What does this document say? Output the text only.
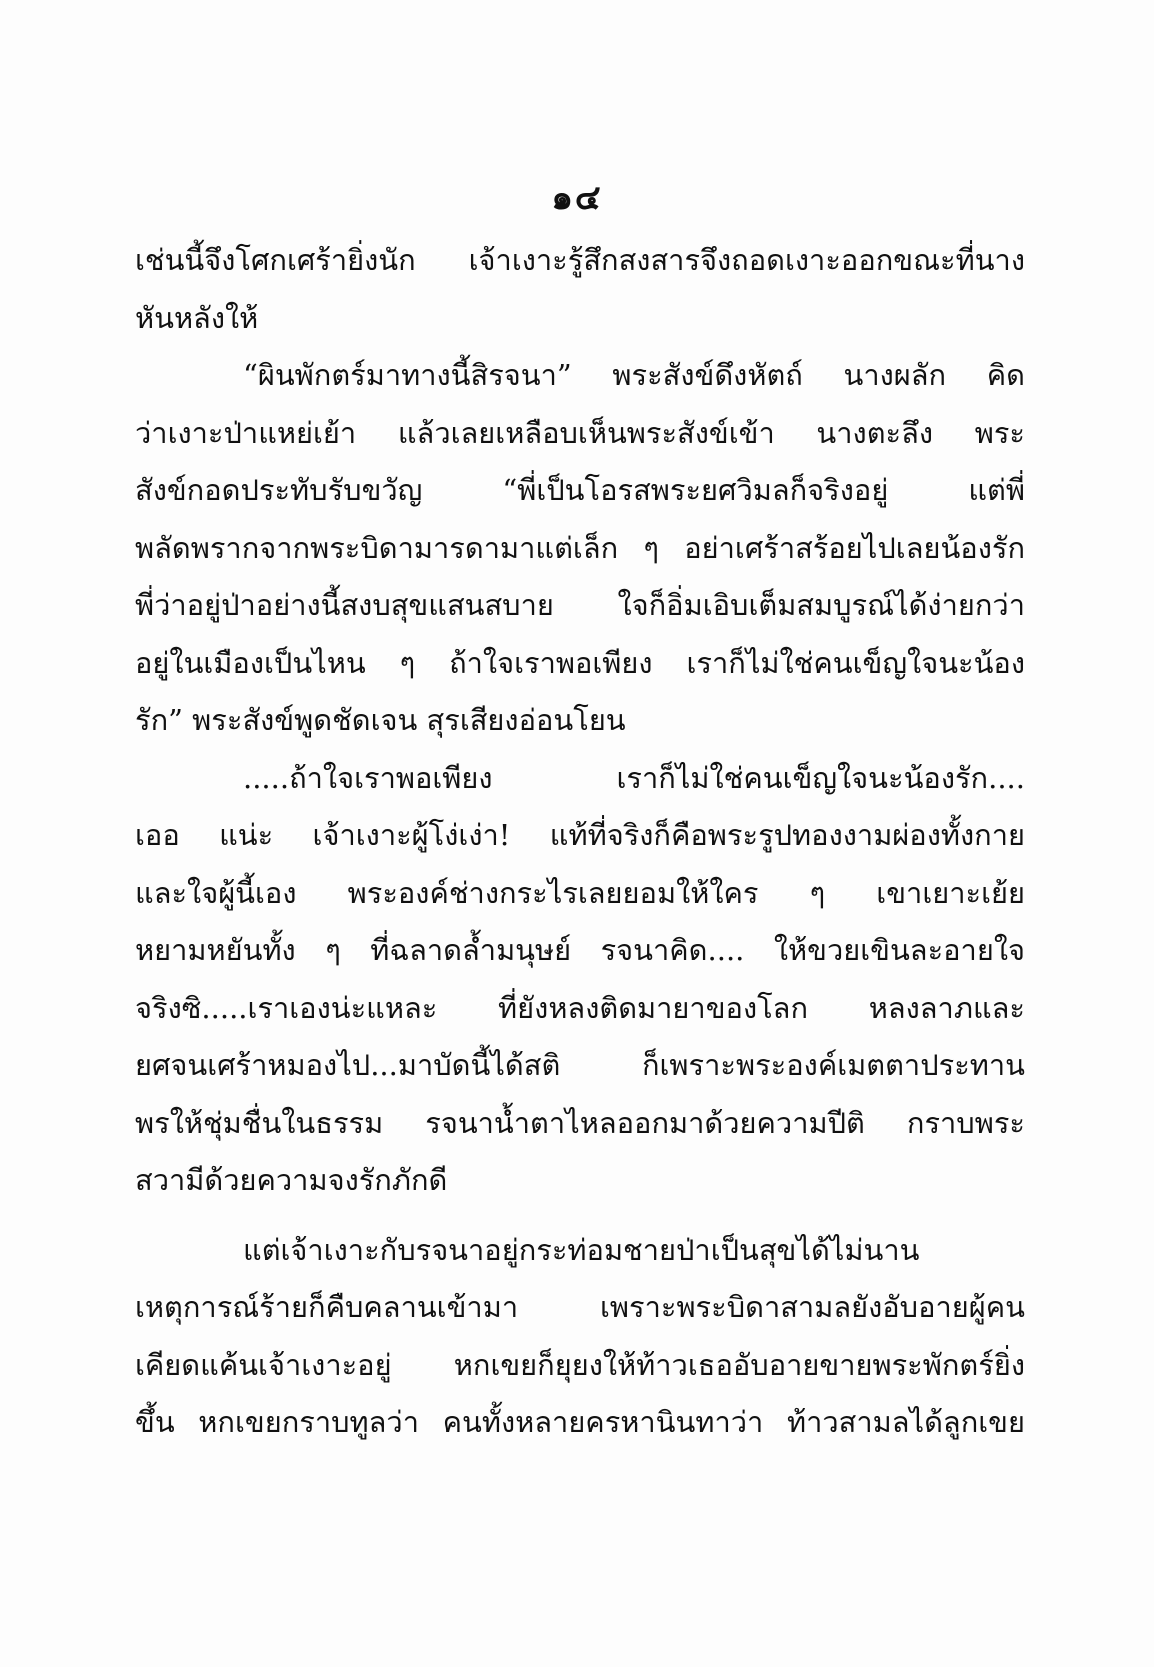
๑๔
เช่นนี้จึงโศกเศร้ายิ่งนัก เจ้าเงาะรู้สึกสงสารจึงถอดเงาะออกขณะที่นาง
หันหลังให้
“ผินพักตร์มาทางนี้สิรจนา” พระสังข์ดึงหัตถ์ นางผลัก คิด
ว่าเงาะป่าแหย่เย้า แล้วเลยเหลือบเห็นพระสังข์เข้า นางตะลึง พระ
สังข์กอดประทับรับขวัญ “พี่เป็นโอรสพระยศวิมลก็จริงอยู่ แต่พี่
พลัดพรากจากพระบิดามารดามาแต่เล็ก ๆ อย่าเศร้าสร้อยไปเลยน้องรัก
พี่ว่าอยู่ป่าอย่างนี้สงบสุขแสนสบาย ใจก็อิ่มเอิบเต็มสมบูรณ์ได้ง่ายกว่า
อยู่ในเมืองเป็นไหน ๆ ถ้าใจเราพอเพียง เราก็ไม่ใช่คนเข็ญใจนะน้อง
รัก” พระสังข์พูดชัดเจน สุรเสียงอ่อนโยน
.....ถ้าใจเราพอเพียง เราก็ไม่ใช่คนเข็ญใจนะน้องรัก....
เออ แน่ะ เจ้าเงาะผู้โง่เง่า! แท้ที่จริงก็คือพระรูปทองงามผ่องทั้งกาย
และใจผู้นี้เอง พระองค์ช่างกระไรเลยยอมให้ใคร ๆ เขาเยาะเย้ย
หยามหยันทั้ง ๆ ที่ฉลาดล้ำมนุษย์ รจนาคิด.... ให้ขวยเขินละอายใจ
จริงซิ.....เราเองน่ะแหละ ที่ยังหลงติดมายาของโลก หลงลาภและ
ยศจนเศร้าหมองไป...มาบัดนี้ได้สติ ก็เพราะพระองค์เมตตาประทาน
พรให้ชุ่มชื่นในธรรม รจนาน้ำตาไหลออกมาด้วยความปีติ กราบพระ
สวามีด้วยความจงรักภักดี
แต่เจ้าเงาะกับรจนาอยู่กระท่อมชายป่าเป็นสุขได้ไม่นาน
เหตุการณ์ร้ายก็คืบคลานเข้ามา เพราะพระบิดาสามลยังอับอายผู้คน
เคียดแค้นเจ้าเงาะอยู่ หกเขยก็ยุยงให้ท้าวเธออับอายขายพระพักตร์ยิ่ง
ขึ้น หกเขยกราบทูลว่า คนทั้งหลายครหานินทาว่า ท้าวสามลได้ลูกเขย
